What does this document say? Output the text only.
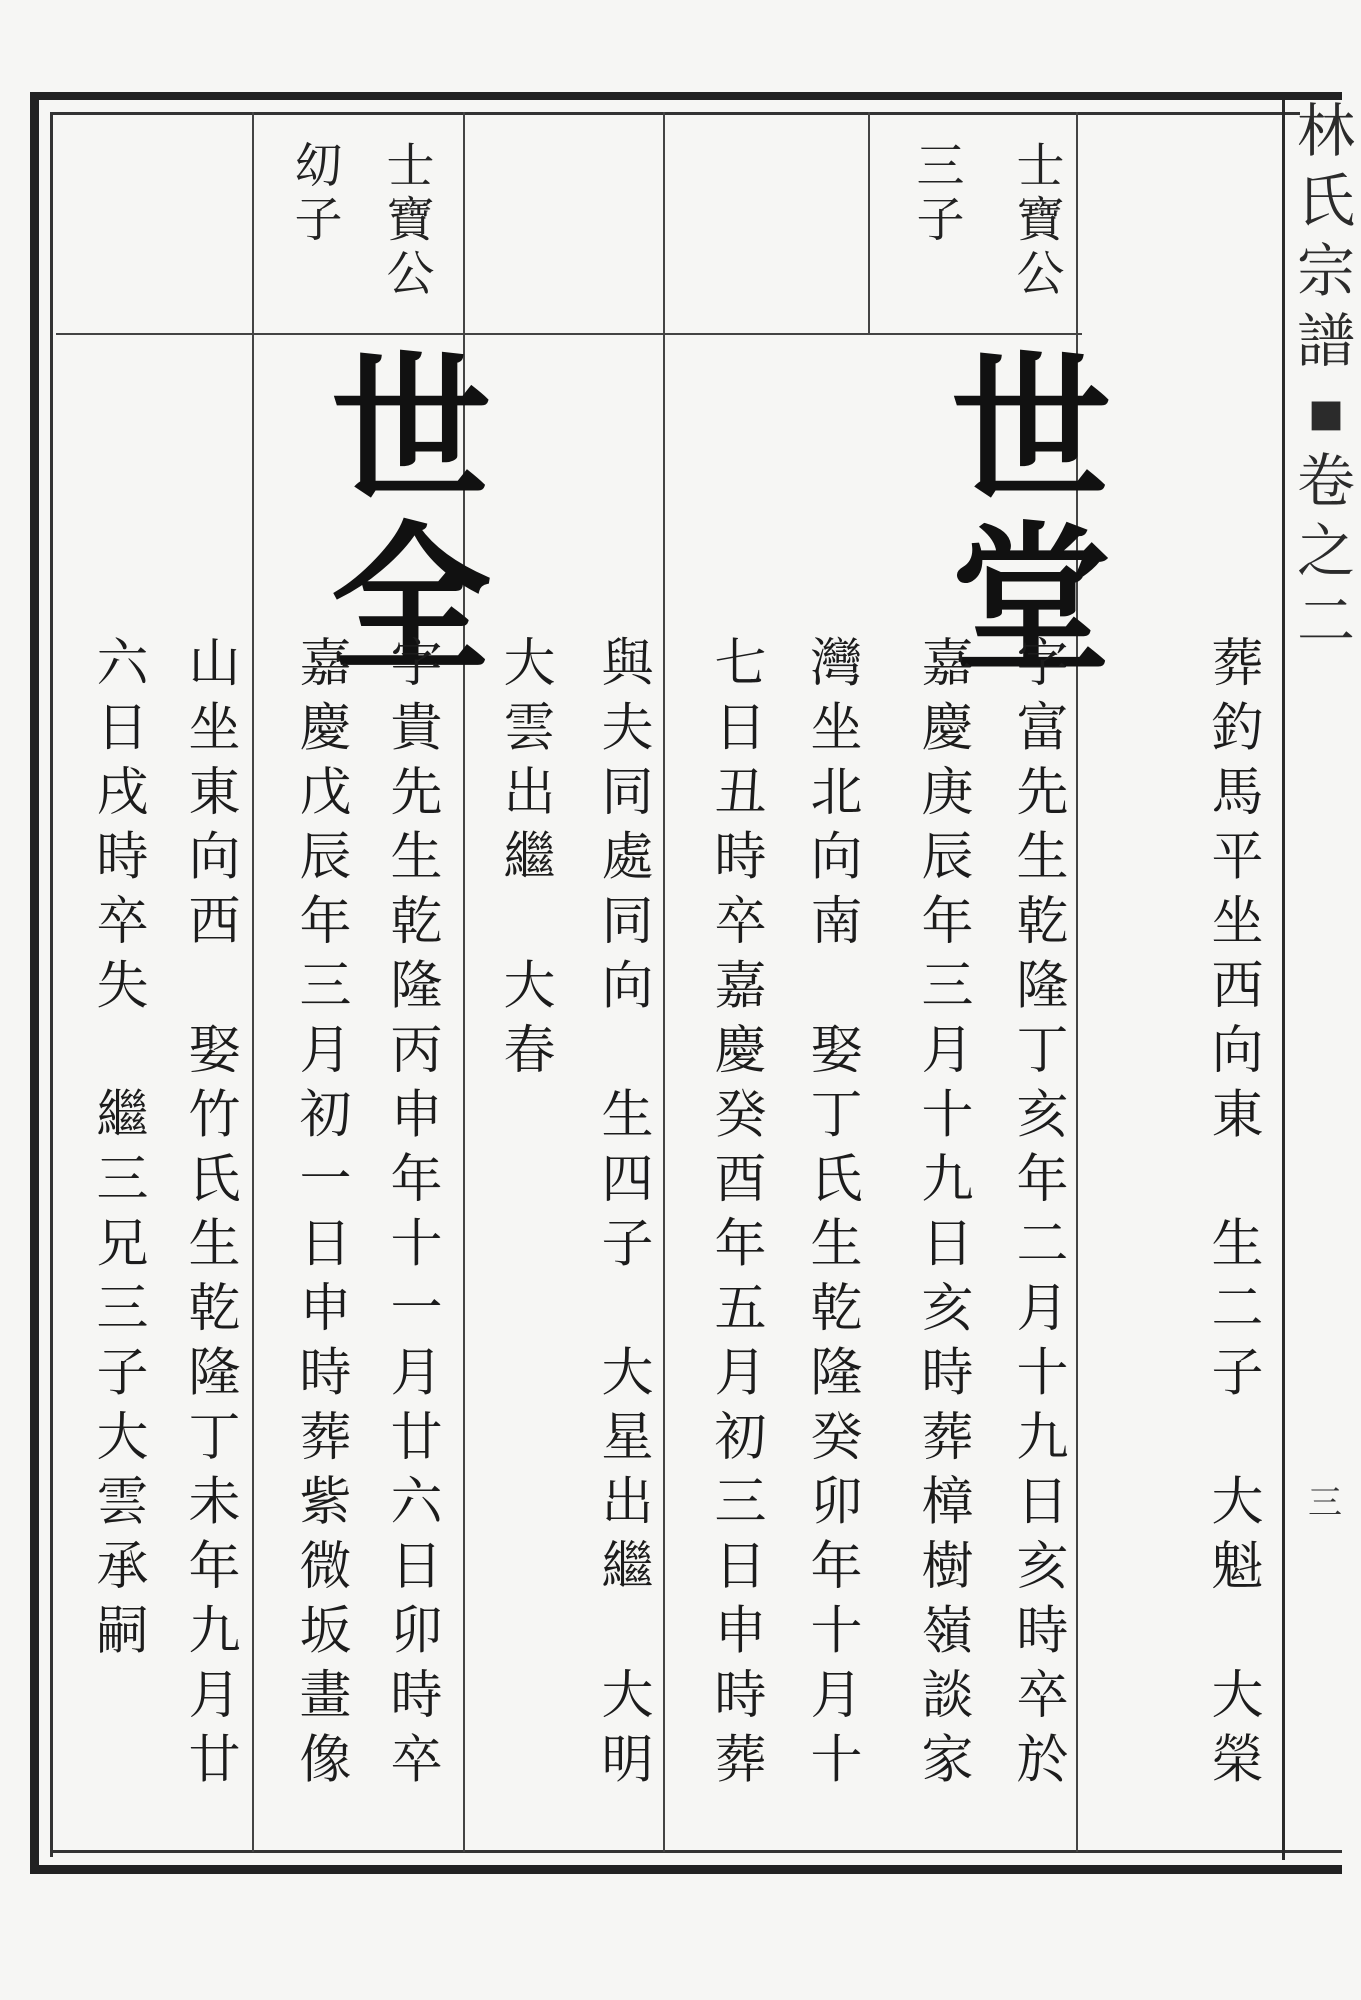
林
氏
宗
譜
▪
卷
之
二
三
葬釣馬平坐西向東　生二子　大魁　大榮
士寶公
三子
世堂
字富先生乾隆丁亥年二月十九日亥時卒於
嘉慶庚辰年三月十九日亥時葬樟樹嶺談家
灣坐北向南　娶丁氏生乾隆癸卯年十月十
七日丑時卒嘉慶癸酉年五月初三日申時葬
與夫同處同向　生四子　大星出繼　大明
大雲出繼　大春
士寶公
㓜子
世全
字貴先生乾隆丙申年十一月廿六日卯時卒
嘉慶戊辰年三月初一日申時葬紫微坂畫像
山坐東向西　娶竹氏生乾隆丁未年九月廿
六日戌時卒失　繼三兄三子大雲承嗣
